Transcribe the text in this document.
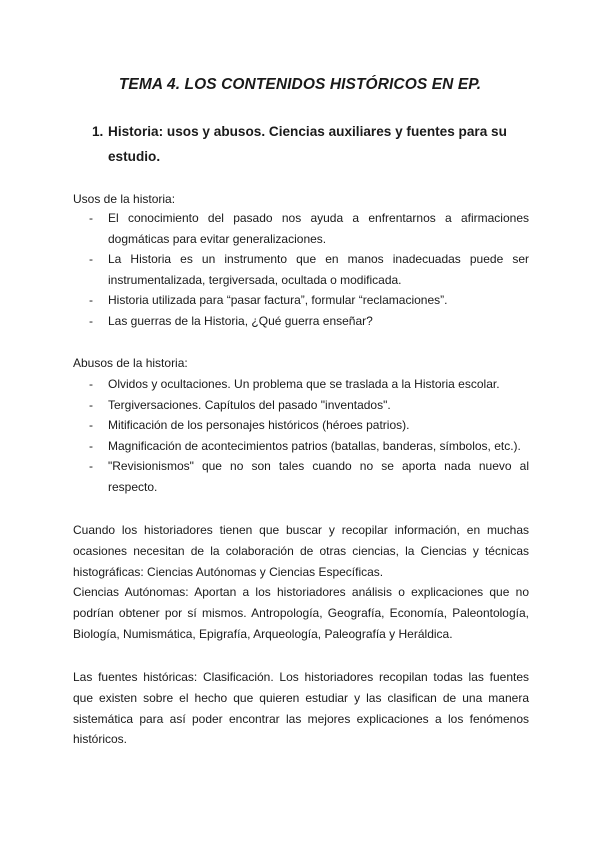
TEMA 4. LOS CONTENIDOS HISTÓRICOS EN EP.
1. Historia: usos y abusos. Ciencias auxiliares y fuentes para su estudio.
Usos de la historia:
- El conocimiento del pasado nos ayuda a enfrentarnos a afirmaciones dogmáticas para evitar generalizaciones.
- La Historia es un instrumento que en manos inadecuadas puede ser instrumentalizada, tergiversada, ocultada o modificada.
- Historia utilizada para “pasar factura”, formular “reclamaciones”.
- Las guerras de la Historia, ¿Qué guerra enseñar?
Abusos de la historia:
- Olvidos y ocultaciones. Un problema que se traslada a la Historia escolar.
- Tergiversaciones. Capítulos del pasado "inventados".
- Mitificación de los personajes históricos (héroes patrios).
- Magnificación de acontecimientos patrios (batallas, banderas, símbolos, etc.).
- "Revisionismos" que no son tales cuando no se aporta nada nuevo al respecto.

Cuando los historiadores tienen que buscar y recopilar información, en muchas ocasiones necesitan de la colaboración de otras ciencias, la Ciencias y técnicas histográficas: Ciencias Autónomas y Ciencias Específicas.

Ciencias Autónomas: Aportan a los historiadores análisis o explicaciones que no podrían obtener por sí mismos. Antropología, Geografía, Economía, Paleontología, Biología, Numismática, Epigrafía, Arqueología, Paleografía y Heráldica.

Las fuentes históricas: Clasificación. Los historiadores recopilan todas las fuentes que existen sobre el hecho que quieren estudiar y las clasifican de una manera sistemática para así poder encontrar las mejores explicaciones a los fenómenos históricos.
